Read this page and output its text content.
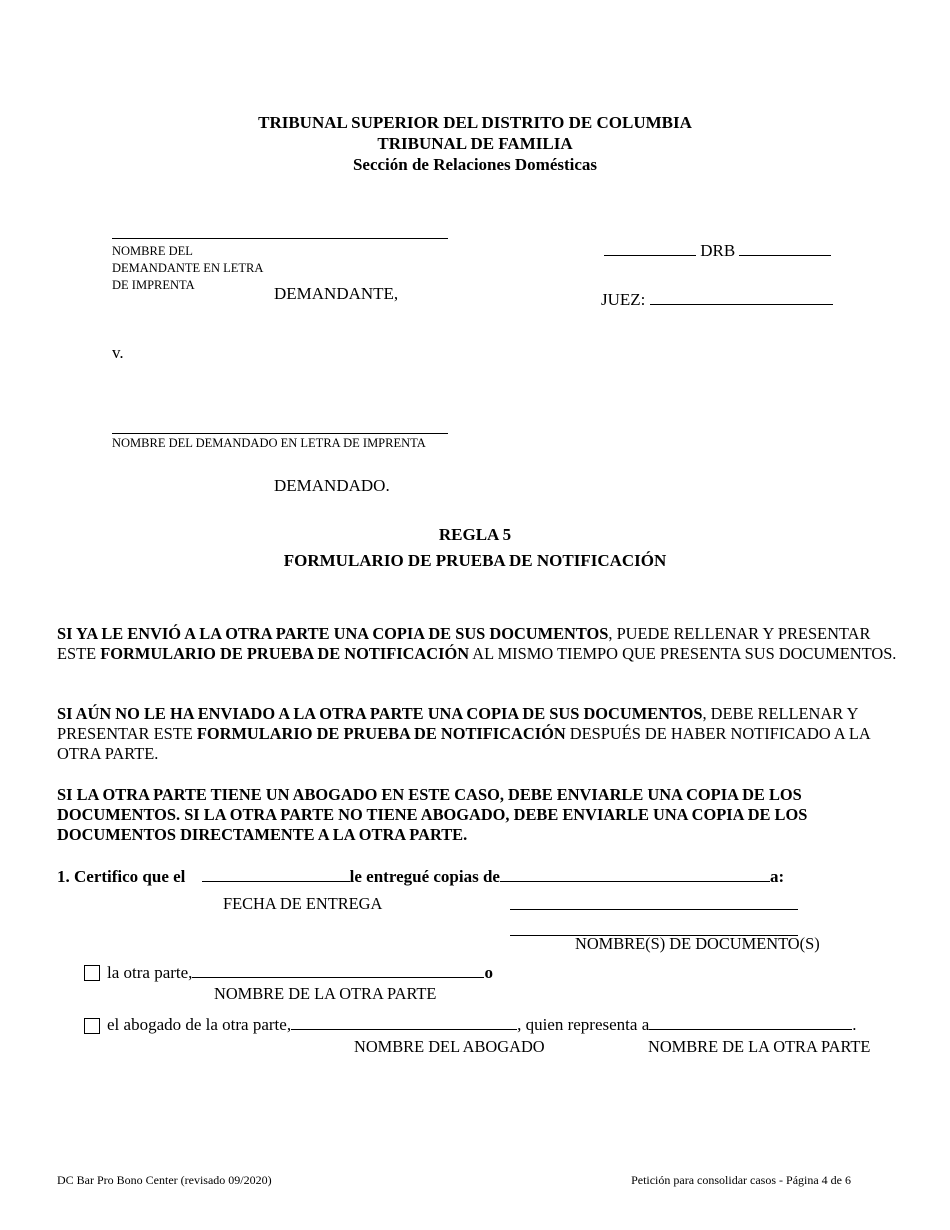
TRIBUNAL SUPERIOR DEL DISTRITO DE COLUMBIA
TRIBUNAL DE FAMILIA
Sección de Relaciones Domésticas
NOMBRE DEL
DEMANDANTE EN LETRA
DE IMPRENTA	DEMANDANTE,
DRB
JUEZ:
v.
NOMBRE DEL DEMANDADO EN LETRA DE IMPRENTA
DEMANDADO.
REGLA 5
FORMULARIO DE PRUEBA DE NOTIFICACIÓN
SI YA LE ENVIÓ A LA OTRA PARTE UNA COPIA DE SUS DOCUMENTOS, PUEDE RELLENAR Y PRESENTAR ESTE FORMULARIO DE PRUEBA DE NOTIFICACIÓN AL MISMO TIEMPO QUE PRESENTA SUS DOCUMENTOS.
SI AÚN NO LE HA ENVIADO A LA OTRA PARTE UNA COPIA DE SUS DOCUMENTOS, DEBE RELLENAR Y PRESENTAR ESTE FORMULARIO DE PRUEBA DE NOTIFICACIÓN DESPUÉS DE HABER NOTIFICADO A LA OTRA PARTE.
SI LA OTRA PARTE TIENE UN ABOGADO EN ESTE CASO, DEBE ENVIARLE UNA COPIA DE LOS DOCUMENTOS. SI LA OTRA PARTE NO TIENE ABOGADO, DEBE ENVIARLE UNA COPIA DE LOS DOCUMENTOS DIRECTAMENTE A LA OTRA PARTE.
1. Certifico que el	le entregué copias de	a:
FECHA DE ENTREGA
NOMBRE(S) DE DOCUMENTO(S)
la otra parte,	o
NOMBRE DE LA OTRA PARTE
el abogado de la otra parte,	, quien representa a	.
NOMBRE DEL ABOGADO	NOMBRE DE LA OTRA PARTE
DC Bar Pro Bono Center (revisado 09/2020)	Petición para consolidar casos - Página 4 de 6
